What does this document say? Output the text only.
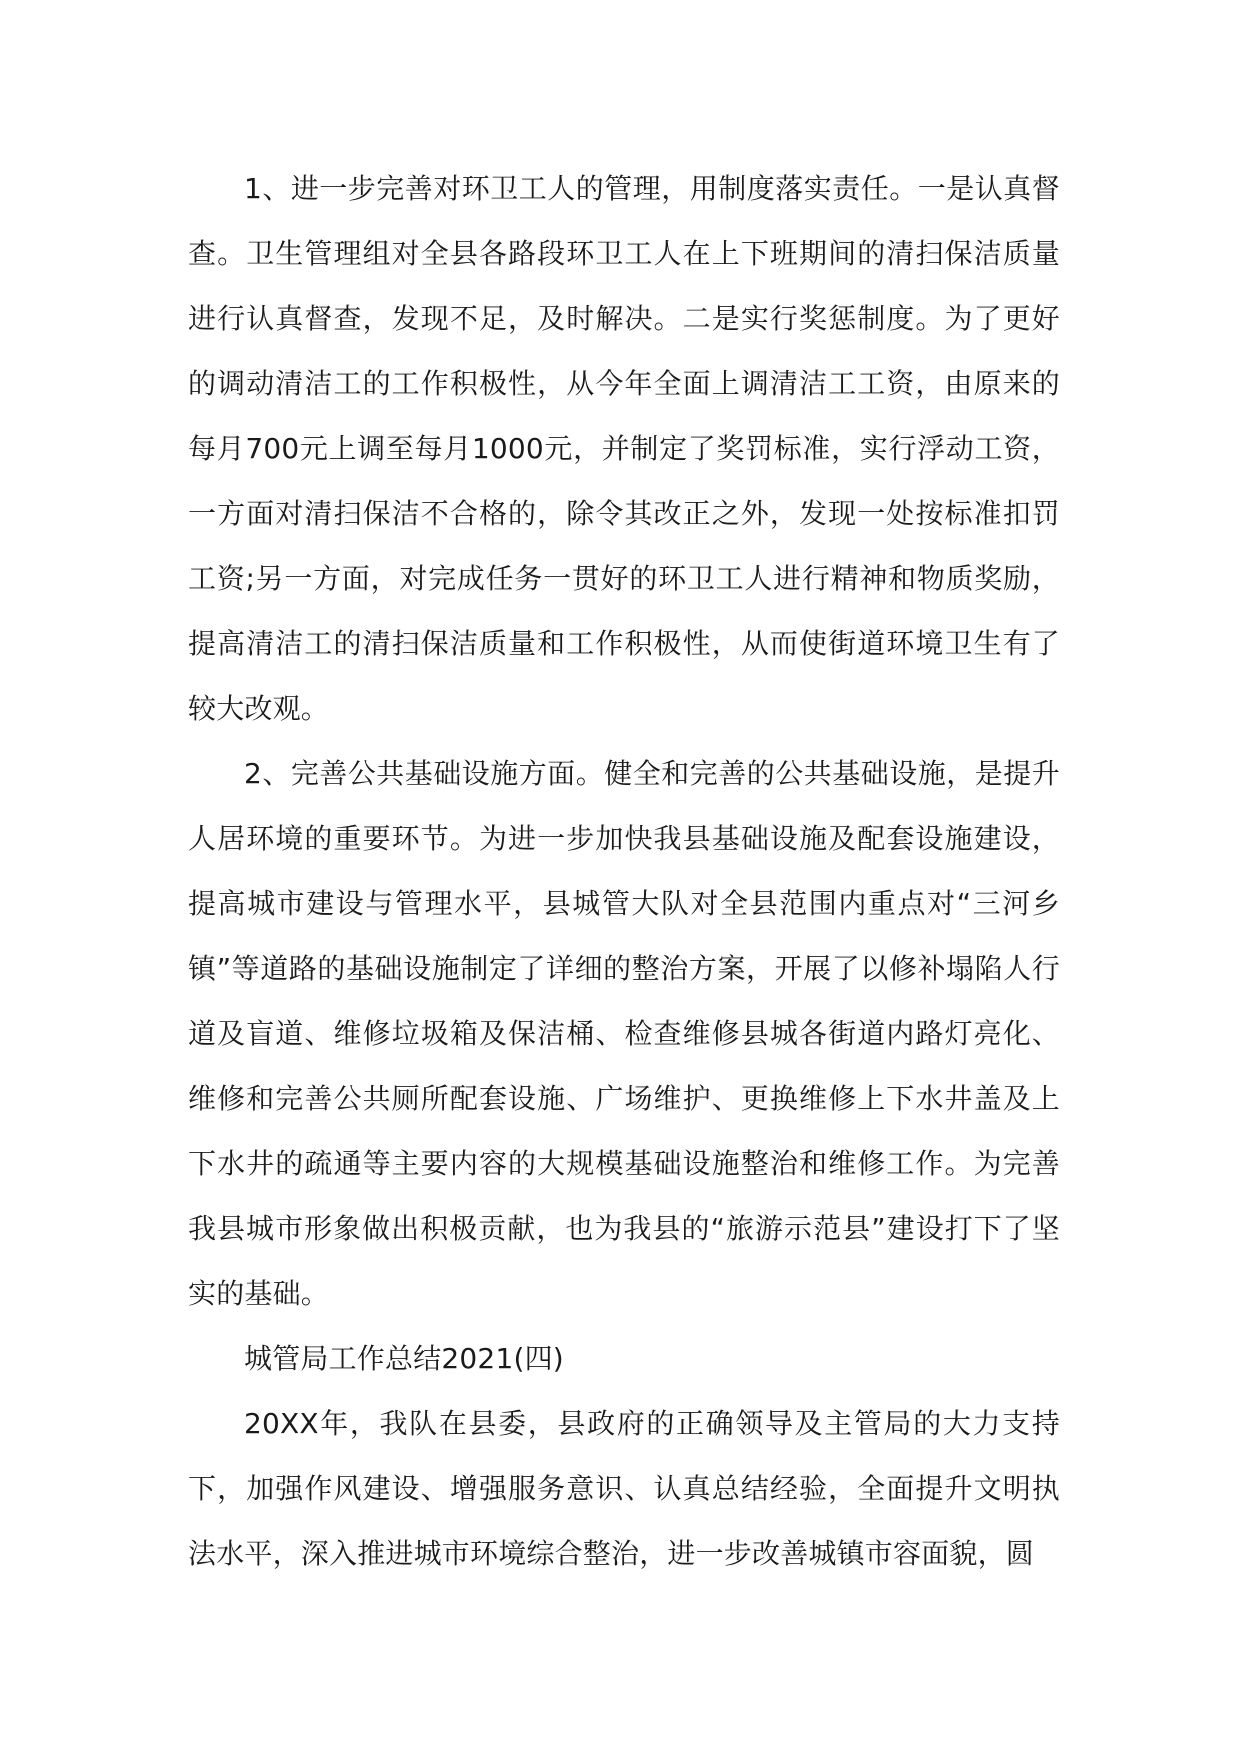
1、进一步完善对环卫工人的管理，用制度落实责任。一是认真督查。卫生管理组对全县各路段环卫工人在上下班期间的清扫保洁质量进行认真督查，发现不足，及时解决。二是实行奖惩制度。为了更好的调动清洁工的工作积极性，从今年全面上调清洁工工资，由原来的每月700元上调至每月1000元，并制定了奖罚标准，实行浮动工资，一方面对清扫保洁不合格的，除令其改正之外，发现一处按标准扣罚工资;另一方面，对完成任务一贯好的环卫工人进行精神和物质奖励，提高清洁工的清扫保洁质量和工作积极性，从而使街道环境卫生有了较大改观。

2、完善公共基础设施方面。健全和完善的公共基础设施，是提升人居环境的重要环节。为进一步加快我县基础设施及配套设施建设，提高城市建设与管理水平，县城管大队对全县范围内重点对“三河乡镇”等道路的基础设施制定了详细的整治方案，开展了以修补塌陷人行道及盲道、维修垃圾箱及保洁桶、检查维修县城各街道内路灯亮化、维修和完善公共厕所配套设施、广场维护、更换维修上下水井盖及上下水井的疏通等主要内容的大规模基础设施整治和维修工作。为完善我县城市形象做出积极贡献，也为我县的“旅游示范县”建设打下了坚实的基础。

城管局工作总结2021(四)

20XX年，我队在县委，县政府的正确领导及主管局的大力支持下，加强作风建设、增强服务意识、认真总结经验，全面提升文明执法水平，深入推进城市环境综合整治，进一步改善城镇市容面貌，圆
